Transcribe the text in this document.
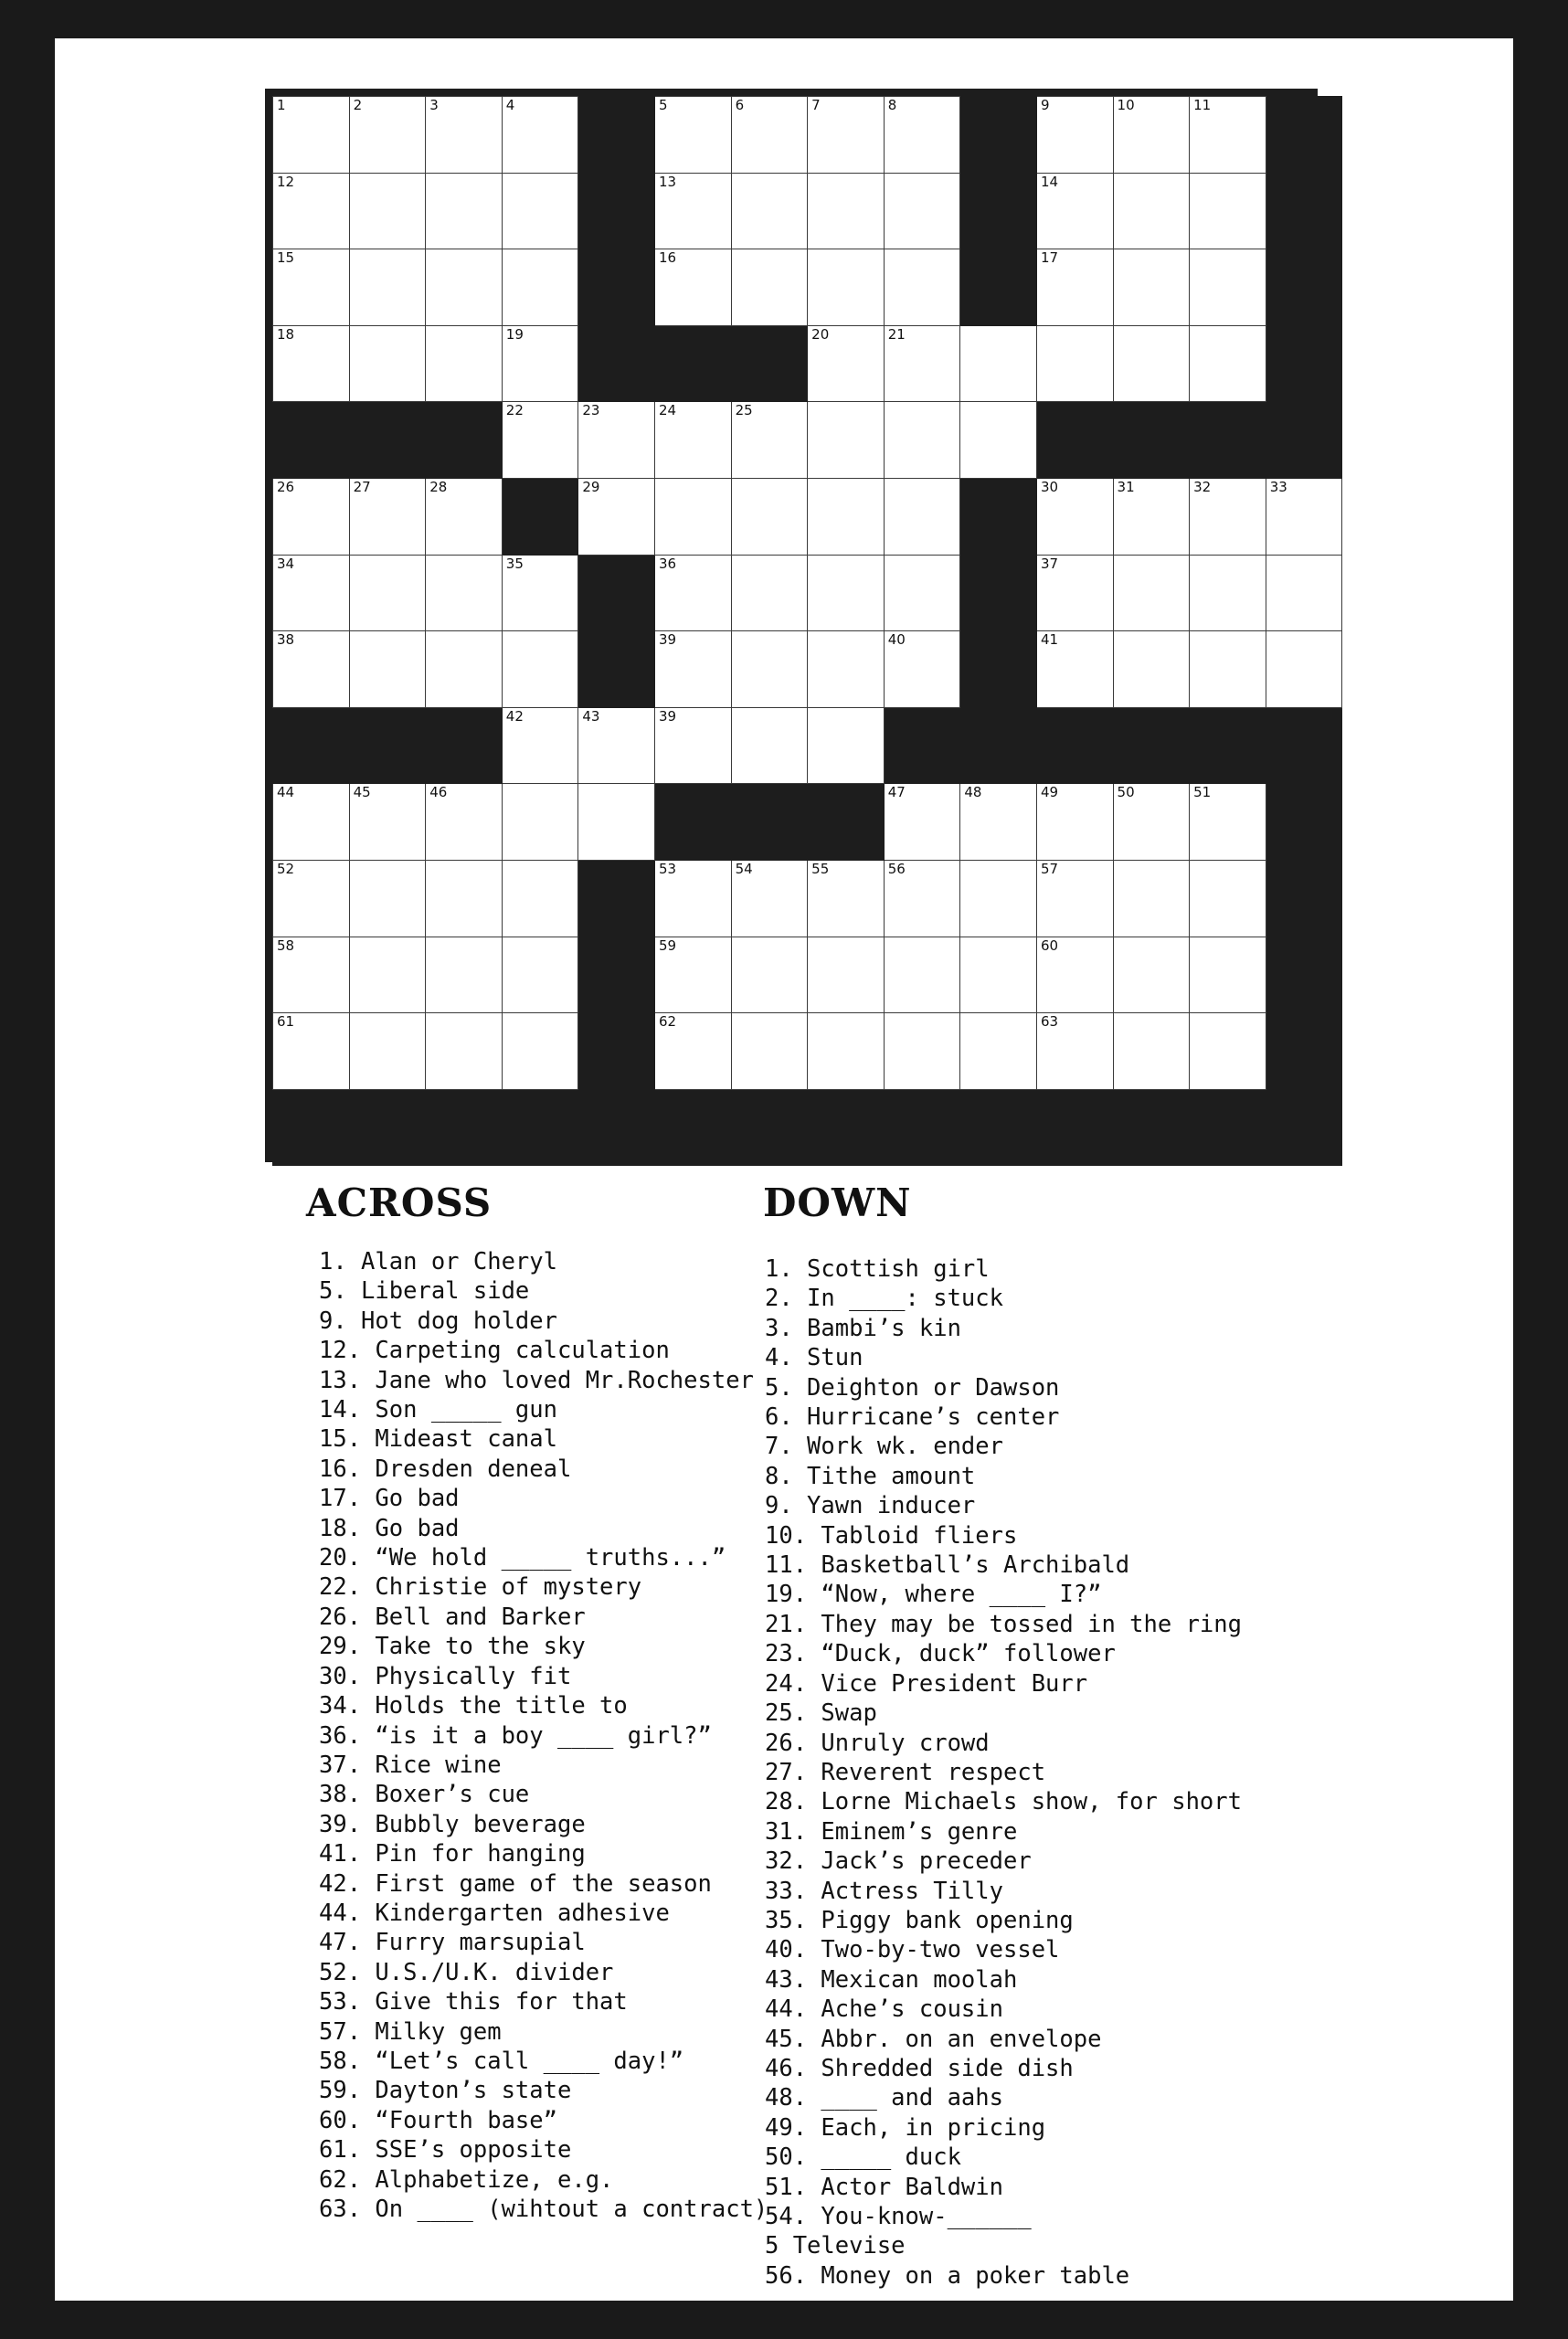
1	2	3	4		5	6	7	8		9	10	11	

12					13					14			

15					16					17			

18			19				20	21					

			22	23	24	25							

26	27	28		29						30	31	32	33

34			35		36					37			

38					39			40		41			

			42	43	39								

44	45	46						47	48	49	50	51	

52					53	54	55	56		57			

58					59					60			

61					62					63			

ACROSS
1. Alan or Cheryl
5. Liberal side
9. Hot dog holder
12. Carpeting calculation
13. Jane who loved Mr.Rochester
14. Son _____ gun
15. Mideast canal
16. Dresden deneal
17. Go bad
18. Go bad
20. “We hold _____ truths...”
22. Christie of mystery
26. Bell and Barker
29. Take to the sky
30. Physically fit
34. Holds the title to
36. “is it a boy ____ girl?”
37. Rice wine
38. Boxer’s cue
39. Bubbly beverage
41. Pin for hanging
42. First game of the season
44. Kindergarten adhesive
47. Furry marsupial
52. U.S./U.K. divider
53. Give this for that
57. Milky gem
58. “Let’s call ____ day!”
59. Dayton’s state
60. “Fourth base”
61. SSE’s opposite
62. Alphabetize, e.g.
63. On ____ (wihtout a contract)
DOWN
1. Scottish girl
2. In ____: stuck
3. Bambi’s kin
4. Stun
5. Deighton or Dawson
6. Hurricane’s center
7. Work wk. ender
8. Tithe amount
9. Yawn inducer
10. Tabloid fliers
11. Basketball’s Archibald
19. “Now, where ____ I?”
21. They may be tossed in the ring
23. “Duck, duck” follower
24. Vice President Burr
25. Swap
26. Unruly crowd
27. Reverent respect
28. Lorne Michaels show, for short
31. Eminem’s genre
32. Jack’s preceder
33. Actress Tilly
35. Piggy bank opening
40. Two-by-two vessel
43. Mexican moolah
44. Ache’s cousin
45. Abbr. on an envelope
46. Shredded side dish
48. ____ and aahs
49. Each, in pricing
50. _____ duck
51. Actor Baldwin
54. You-know-______
5 Televise
56. Money on a poker table
